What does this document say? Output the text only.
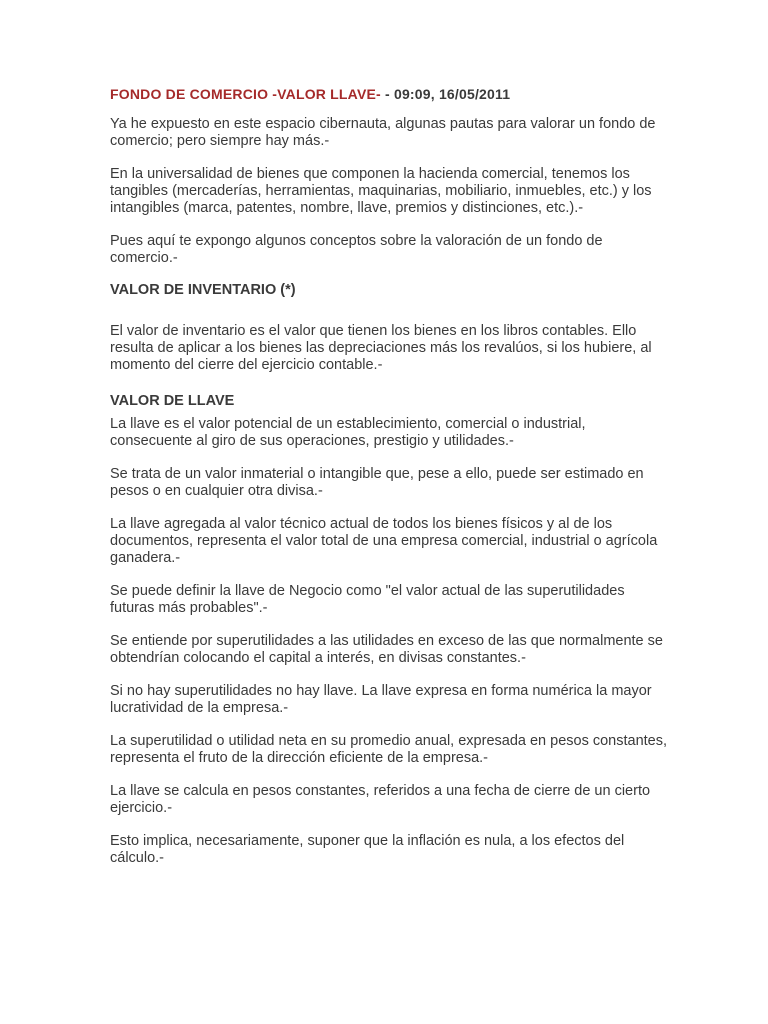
FONDO DE COMERCIO -VALOR LLAVE- - 09:09, 16/05/2011

Ya he expuesto en este espacio cibernauta, algunas pautas para valorar un fondo de comercio; pero siempre hay más.-

En la universalidad de bienes que componen la hacienda comercial, tenemos los tangibles (mercaderías, herramientas, maquinarias, mobiliario, inmuebles, etc.) y los intangibles (marca, patentes, nombre, llave, premios y distinciones, etc.).-

Pues aquí te expongo algunos conceptos sobre la valoración de un fondo de comercio.-

VALOR DE INVENTARIO (*)

El valor de inventario es el valor que tienen los bienes en los libros contables. Ello resulta de aplicar a los bienes las depreciaciones más los revalúos, si los hubiere, al momento del cierre del ejercicio contable.-

VALOR DE LLAVE

La llave es el valor potencial de un establecimiento, comercial o industrial, consecuente al giro de sus operaciones, prestigio y utilidades.-

Se trata de un valor inmaterial o intangible que, pese a ello, puede ser estimado en pesos o en cualquier otra divisa.-

La llave agregada al valor técnico actual de todos los bienes físicos y al de los documentos, representa el valor total de una empresa comercial, industrial o agrícola ganadera.-

Se puede definir la llave de Negocio como "el valor actual de las superutilidades futuras más probables".-

Se entiende por superutilidades a las utilidades en exceso de las que normalmente se obtendrían colocando el capital a interés, en divisas constantes.-

Si no hay superutilidades no hay llave. La llave expresa en forma numérica la mayor lucratividad de la empresa.-

La superutilidad o utilidad neta en su promedio anual, expresada en pesos constantes, representa el fruto de la dirección eficiente de la empresa.-

La llave se calcula en pesos constantes, referidos a una fecha de cierre de un cierto ejercicio.-

Esto implica, necesariamente, suponer que la inflación es nula, a los efectos del cálculo.-
